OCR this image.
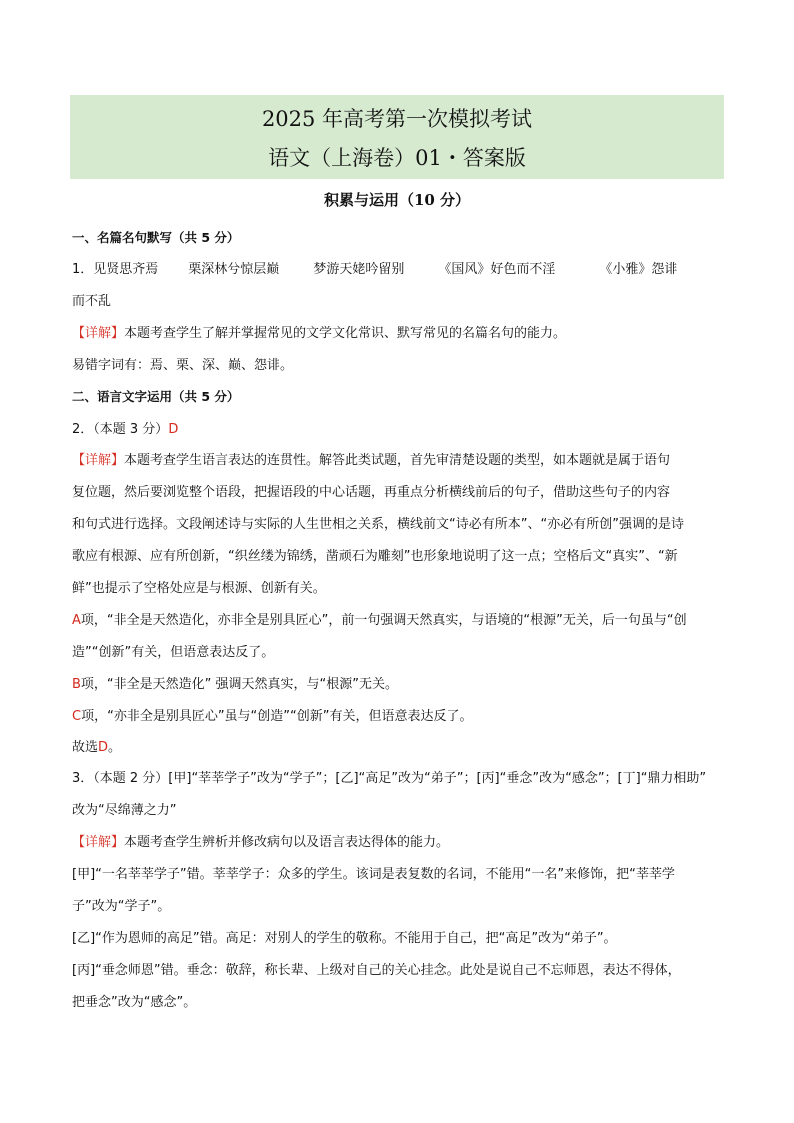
2025 年高考第一次模拟考试
语文（上海卷）01・答案版
积累与运用（10 分）
一、名篇名句默写（共 5 分）
1． 见贤思齐焉 栗深林兮惊层巅	梦游天姥吟留别	《国风》好色而不淫	《小雅》怨诽
而不乱
【详解】本题考查学生了解并掌握常见的文学文化常识、默写常见的名篇名句的能力。
易错字词有：焉、栗、深、巅、怨诽。
二、语言文字运用（共 5 分）
2．（本题 3 分）D
【详解】本题考查学生语言表达的连贯性。解答此类试题，首先审清楚设题的类型，如本题就是属于语句
复位题，然后要浏览整个语段，把握语段的中心话题，再重点分析横线前后的句子，借助这些句子的内容
和句式进行选择。文段阐述诗与实际的人生世相之关系，横线前文“诗必有所本”、“亦必有所创”强调的是诗
歌应有根源、应有所创新，“织丝缕为锦绣，凿顽石为雕刻”也形象地说明了这一点；空格后文“真实”、“新
鲜”也提示了空格处应是与根源、创新有关。
A项，“非全是天然造化，亦非全是别具匠心”，前一句强调天然真实，与语境的“根源”无关，后一句虽与“创
造”“创新”有关，但语意表达反了。
B项，“非全是天然造化” 强调天然真实，与“根源”无关。
C项，“亦非全是别具匠心”虽与“创造”“创新”有关，但语意表达反了。
故选D。
3．（本题 2 分）[甲]“莘莘学子”改为“学子”；[乙]“高足”改为“弟子”；[丙]“垂念”改为“感念”；[丁]“鼎力相助”
改为“尽绵薄之力”
【详解】本题考查学生辨析并修改病句以及语言表达得体的能力。
[甲]“一名莘莘学子”错。莘莘学子：众多的学生。该词是表复数的名词，不能用“一名”来修饰，把“莘莘学
子”改为“学子”。
[乙]“作为恩师的高足”错。高足：对别人的学生的敬称。不能用于自己，把“高足”改为“弟子”。
[丙]“垂念师恩”错。垂念：敬辞，称长辈、上级对自己的关心挂念。此处是说自己不忘师恩，表达不得体，
把垂念”改为“感念”。
